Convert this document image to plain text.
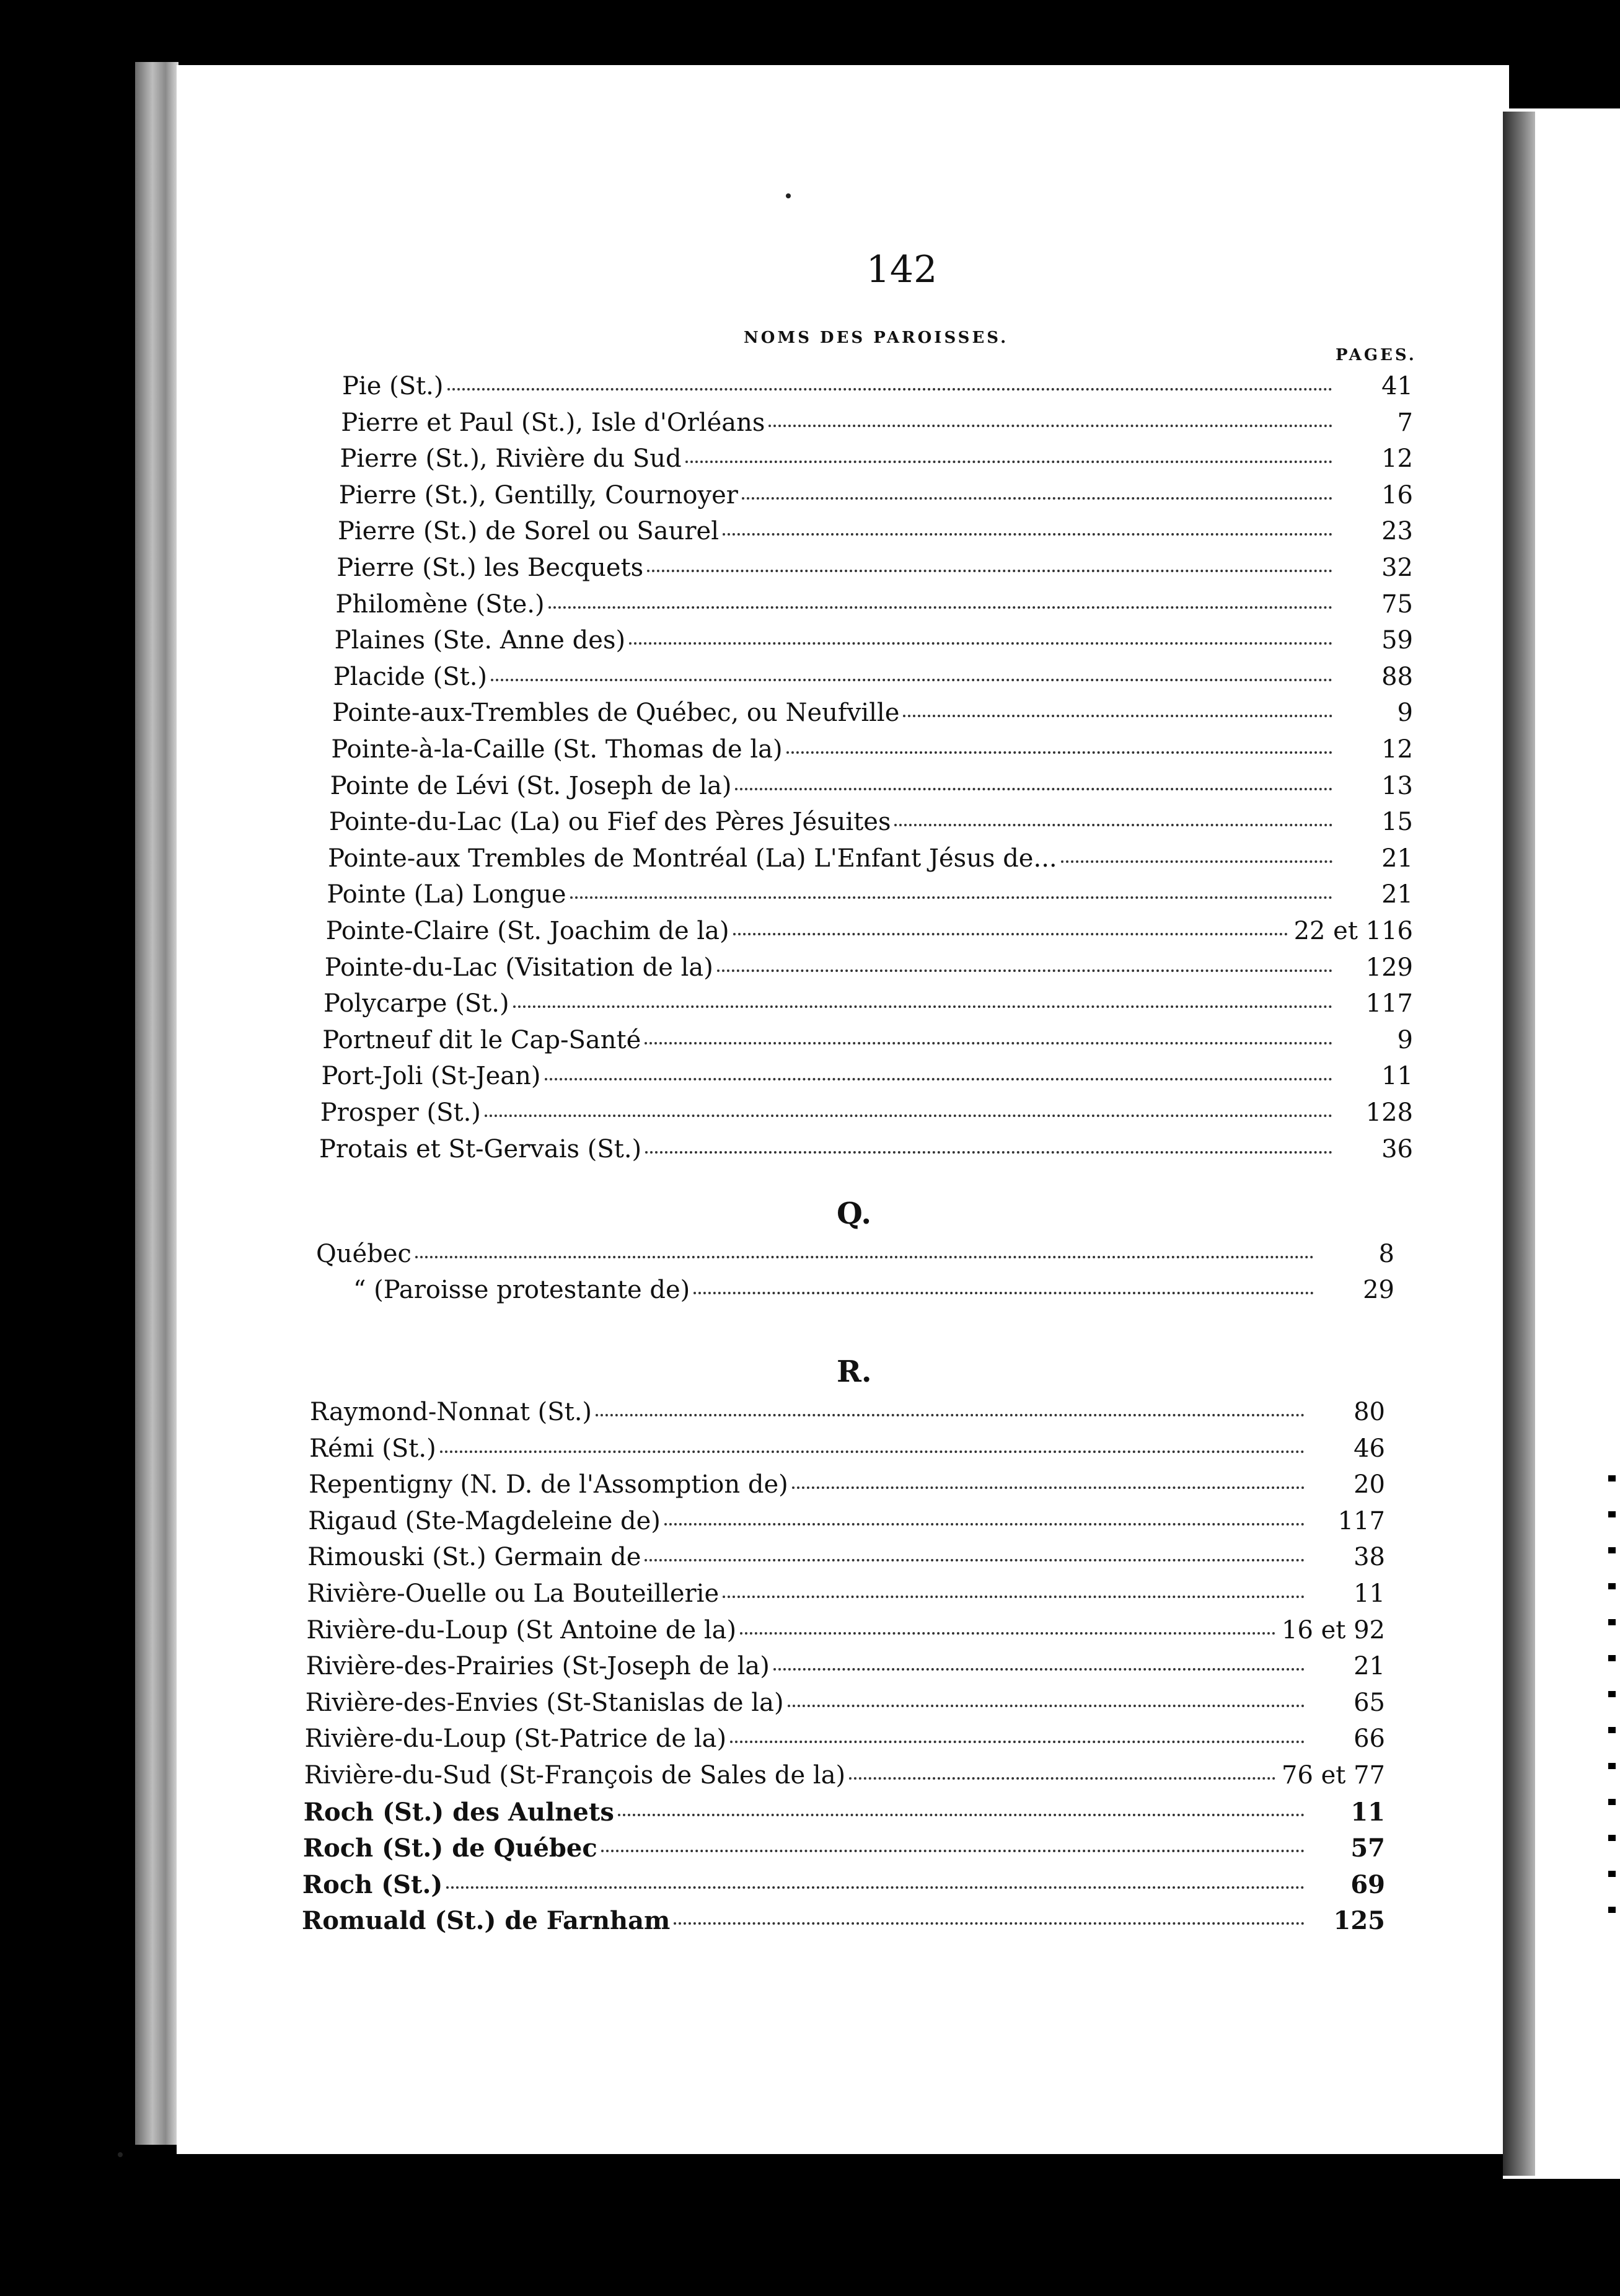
142
NOMS DES PAROISSES.
PAGES.
Pie (St.)	41
Pierre et Paul (St.), Isle d'Orléans	7
Pierre (St.), Rivière du Sud	12
Pierre (St.), Gentilly, Cournoyer	16
Pierre (St.) de Sorel ou Saurel	23
Pierre (St.) les Becquets	32
Philomène (Ste.)	75
Plaines (Ste. Anne des)	59
Placide (St.)	88
Pointe-aux-Trembles de Québec, ou Neufville	9
Pointe-à-la-Caille (St. Thomas de la)	12
Pointe de Lévi (St. Joseph de la)	13
Pointe-du-Lac (La) ou Fief des Pères Jésuites	15
Pointe-aux Trembles de Montréal (La) L'Enfant Jésus de...	21
Pointe (La) Longue	21
Pointe-Claire (St. Joachim de la)	22 et 116
Pointe-du-Lac (Visitation de la)	129
Polycarpe (St.)	117
Portneuf dit le Cap-Santé	9
Port-Joli (St-Jean)	11
Prosper (St.)	128
Protais et St-Gervais (St.)	36
Q.
Québec	8
“ (Paroisse protestante de)	29
R.
Raymond-Nonnat (St.)	80
Rémi (St.)	46
Repentigny (N. D. de l'Assomption de)	20
Rigaud (Ste-Magdeleine de)	117
Rimouski (St.) Germain de	38
Rivière-Ouelle ou La Bouteillerie	11
Rivière-du-Loup (St Antoine de la)	16 et 92
Rivière-des-Prairies (St-Joseph de la)	21
Rivière-des-Envies (St-Stanislas de la)	65
Rivière-du-Loup (St-Patrice de la)	66
Rivière-du-Sud (St-François de Sales de la)	76 et 77
Roch (St.) des Aulnets	11
Roch (St.) de Québec	57
Roch (St.)	69
Romuald (St.) de Farnham	125
